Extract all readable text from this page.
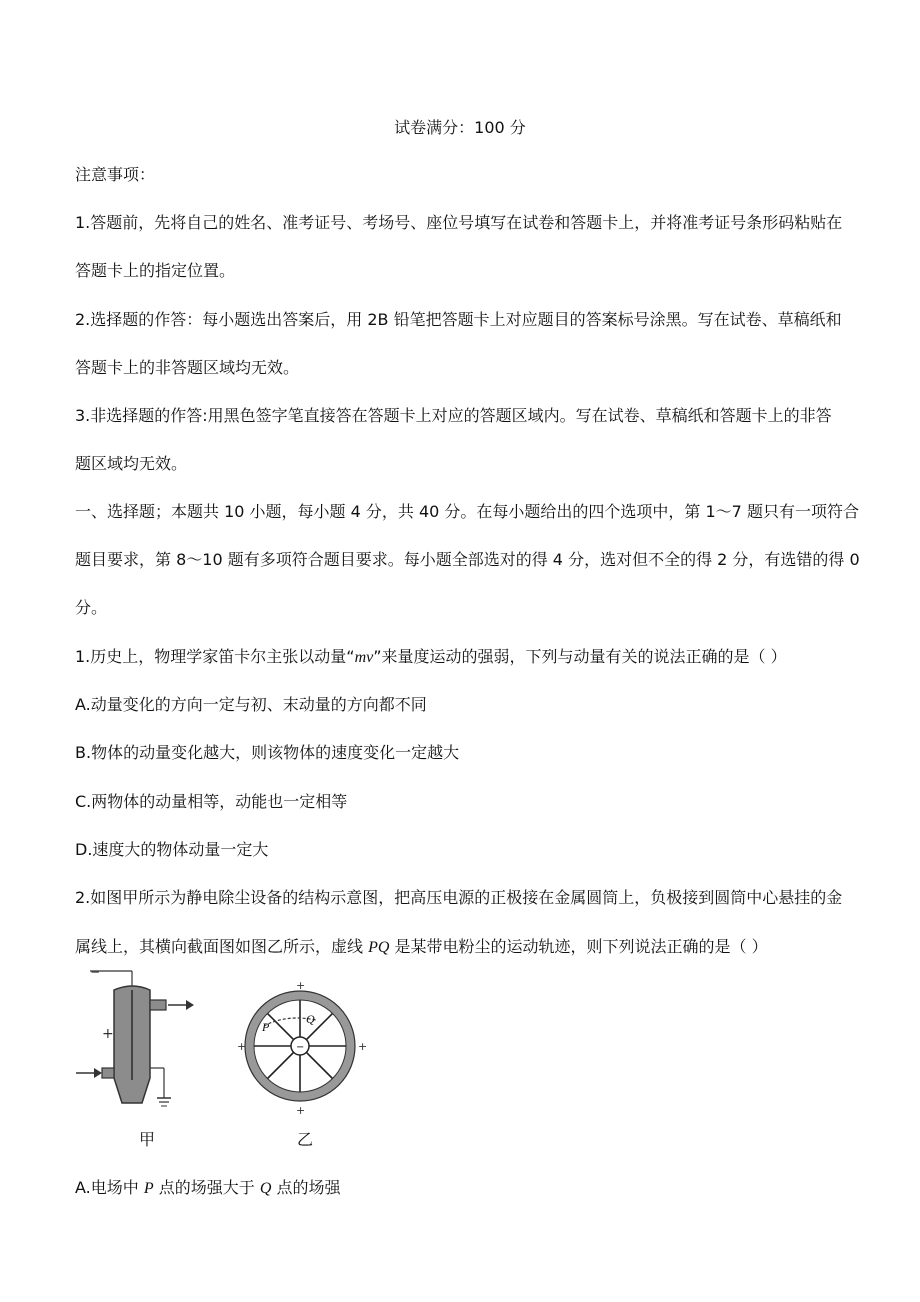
试卷满分：100 分
注意事项：
1.答题前，先将自己的姓名、准考证号、考场号、座位号填写在试卷和答题卡上，并将准考证号条形码粘贴在
答题卡上的指定位置。
2.选择题的作答：每小题选出答案后，用 2B 铅笔把答题卡上对应题目的答案标号涂黑。写在试卷、草稿纸和
答题卡上的非答题区域均无效。
3.非选择题的作答:用黑色签字笔直接答在答题卡上对应的答题区域内。写在试卷、草稿纸和答题卡上的非答
题区域均无效。
一、选择题；本题共 10 小题，每小题 4 分，共 40 分。在每小题给出的四个选项中，第 1～7 题只有一项符合
题目要求，第 8～10 题有多项符合题目要求。每小题全部选对的得 4 分，选对但不全的得 2 分，有选错的得 0
分。
1.历史上，物理学家笛卡尔主张以动量“mv”来量度运动的强弱，下列与动量有关的说法正确的是（ ）
A.动量变化的方向一定与初、末动量的方向都不同
B.物体的动量变化越大，则该物体的速度变化一定越大
C.两物体的动量相等，动能也一定相等
D.速度大的物体动量一定大
2.如图甲所示为静电除尘设备的结构示意图，把高压电源的正极接在金属圆筒上，负极接到圆筒中心悬挂的金
属线上，其横向截面图如图乙所示，虚线 PQ 是某带电粉尘的运动轨迹，则下列说法正确的是（ ）
+
−
−
P
Q
+
+
+	+
甲	乙
A.电场中 P 点的场强大于 Q 点的场强
